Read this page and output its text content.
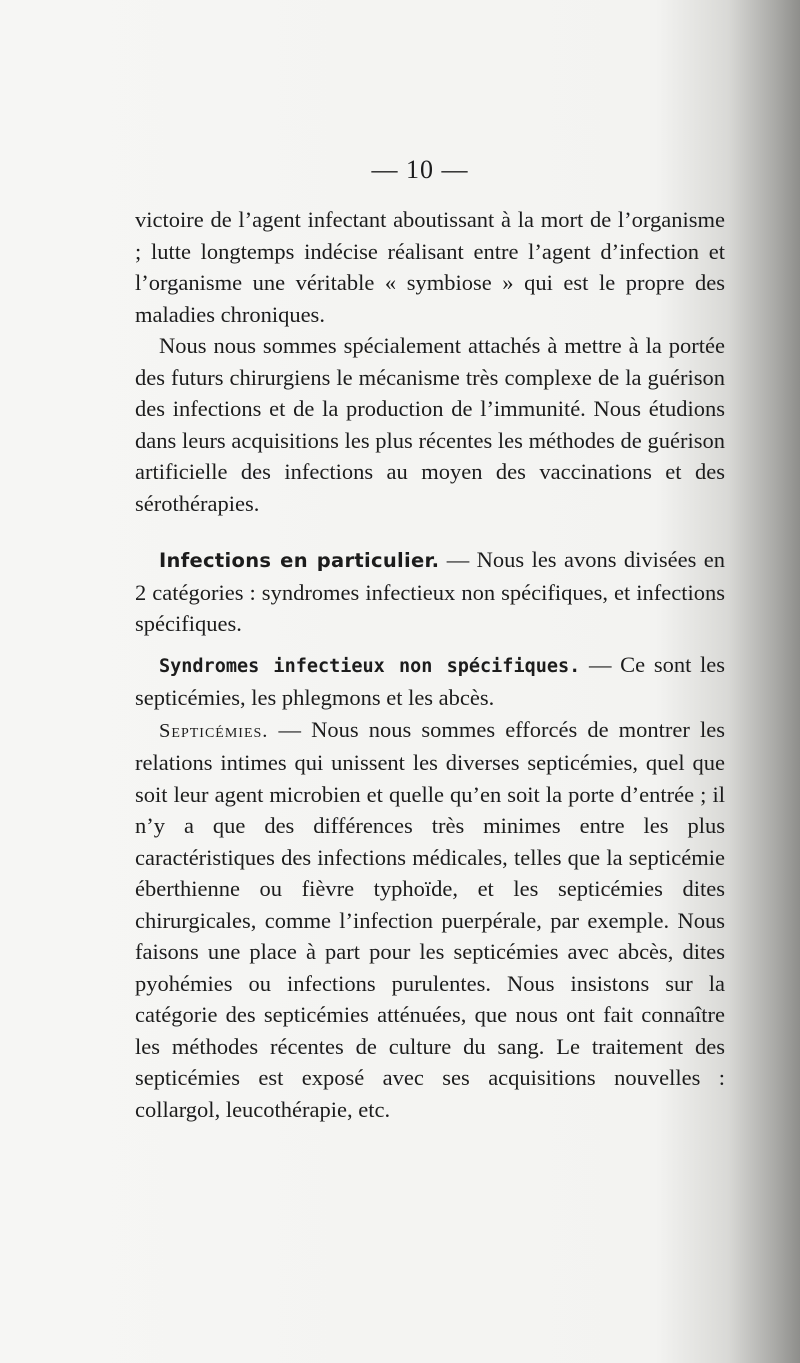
— 10 —

victoire de l’agent infectant aboutissant à la mort de l’organisme ; lutte longtemps indécise réalisant entre l’agent d’infection et l’organisme une véritable « symbiose » qui est le propre des maladies chroniques.

Nous nous sommes spécialement attachés à mettre à la portée des futurs chirurgiens le mécanisme très complexe de la guérison des infections et de la production de l’immunité. Nous étudions dans leurs acquisitions les plus récentes les méthodes de guérison artificielle des infections au moyen des vaccinations et des sérothérapies.

Infections en particulier. — Nous les avons divisées en 2 catégories : syndromes infectieux non spécifiques, et infections spécifiques.

Syndromes infectieux non spécifiques. — Ce sont les septicémies, les phlegmons et les abcès.

Septicémies. — Nous nous sommes efforcés de montrer les relations intimes qui unissent les diverses septicémies, quel que soit leur agent microbien et quelle qu’en soit la porte d’entrée ; il n’y a que des différences très minimes entre les plus caractéristiques des infections médicales, telles que la septicémie éberthienne ou fièvre typhoïde, et les septicémies dites chirurgicales, comme l’infection puerpérale, par exemple. Nous faisons une place à part pour les septicémies avec abcès, dites pyohémies ou infections purulentes. Nous insistons sur la catégorie des septicémies atténuées, que nous ont fait connaître les méthodes récentes de culture du sang. Le traitement des septicémies est exposé avec ses acquisitions nouvelles : collargol, leucothérapie, etc.
